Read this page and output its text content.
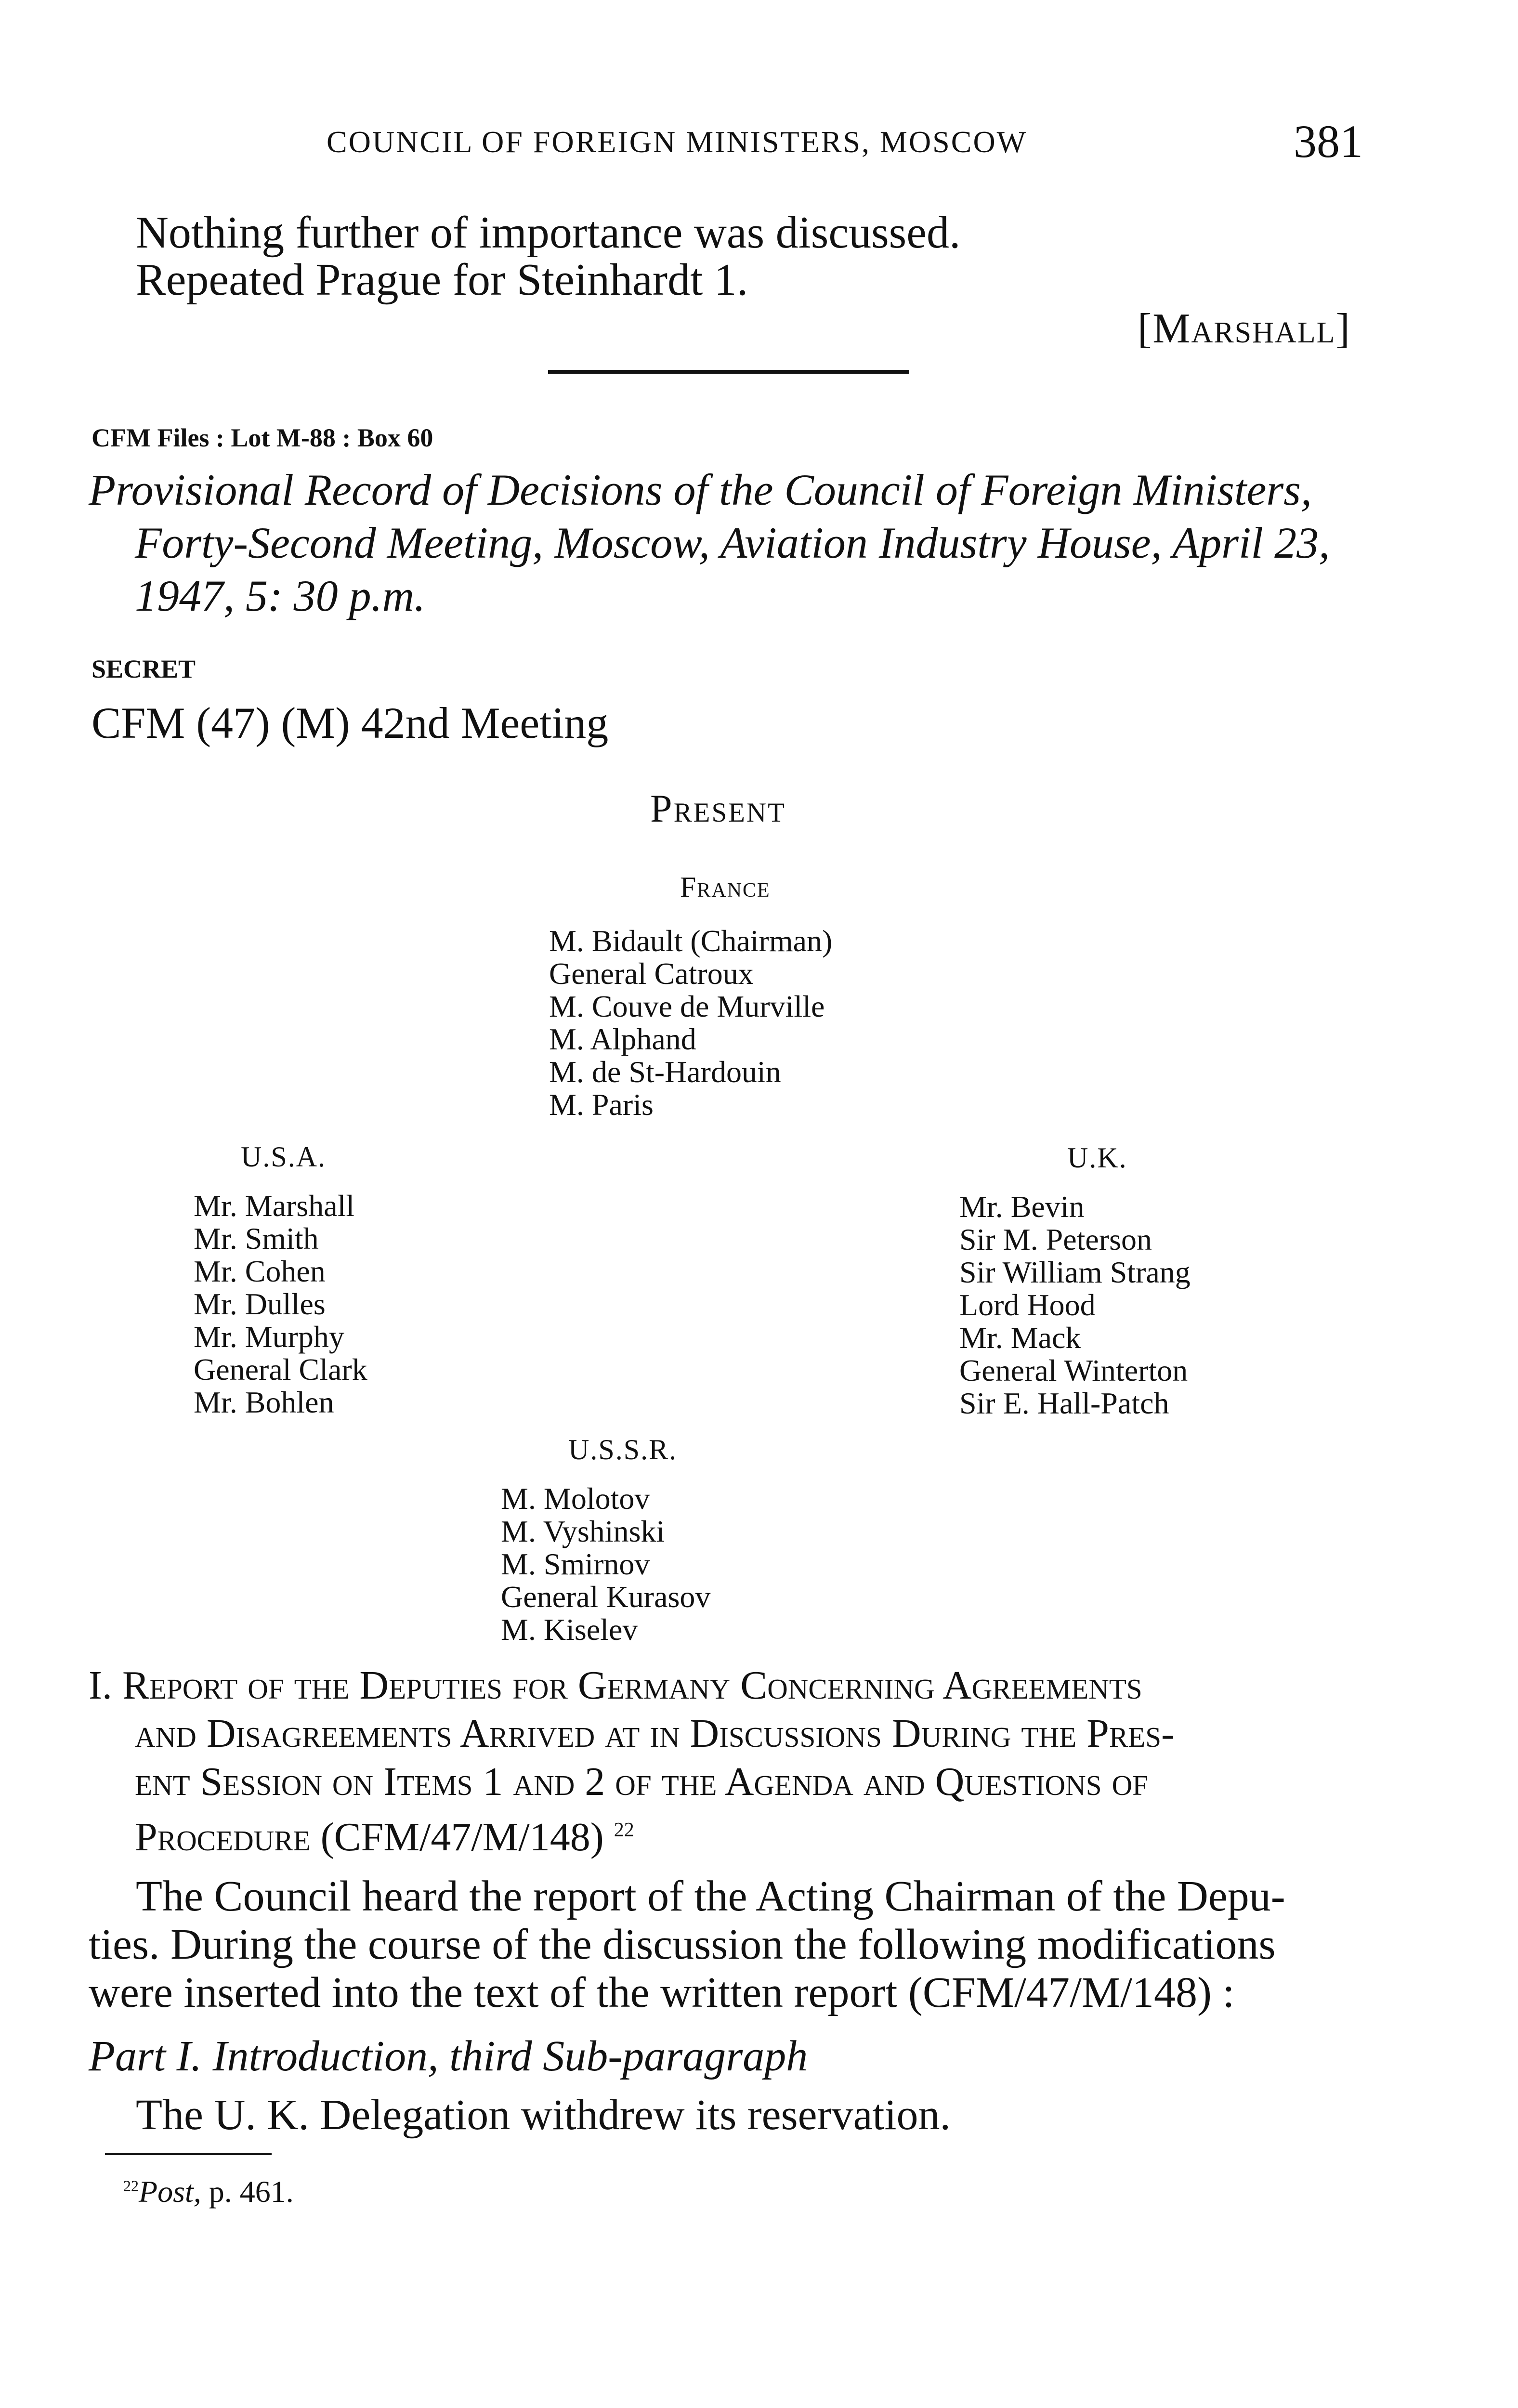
COUNCIL OF FOREIGN MINISTERS, MOSCOW	381
Nothing further of importance was discussed.
Repeated Prague for Steinhardt 1.
[Marshall]
CFM Files : Lot M-88 : Box 60
Provisional Record of Decisions of the Council of Foreign Ministers,
Forty-Second Meeting, Moscow, Aviation Industry House, April 23,
1947, 5: 30 p.m.
SECRET
CFM (47) (M) 42nd Meeting
Present
France
M. Bidault (Chairman)
General Catroux
M. Couve de Murville
M. Alphand
M. de St-Hardouin
M. Paris
U.S.A.
Mr. Marshall
Mr. Smith
Mr. Cohen
Mr. Dulles
Mr. Murphy
General Clark
Mr. Bohlen
U.K.
Mr. Bevin
Sir M. Peterson
Sir William Strang
Lord Hood
Mr. Mack
General Winterton
Sir E. Hall-Patch
U.S.S.R.
M. Molotov
M. Vyshinski
M. Smirnov
General Kurasov
M. Kiselev
I. Report of the Deputies for Germany Concerning Agreements
and Disagreements Arrived at in Discussions During the Pres-
ent Session on Items 1 and 2 of the Agenda and Questions of
Procedure (CFM/47/M/148) $^{22}$
The Council heard the report of the Acting Chairman of the Depu-
ties. During the course of the discussion the following modifications
were inserted into the text of the written report (CFM/47/M/148) :
Part I. Introduction, third Sub-paragraph
The U. K. Delegation withdrew its reservation.
$^{22}$Post, p. 461.
